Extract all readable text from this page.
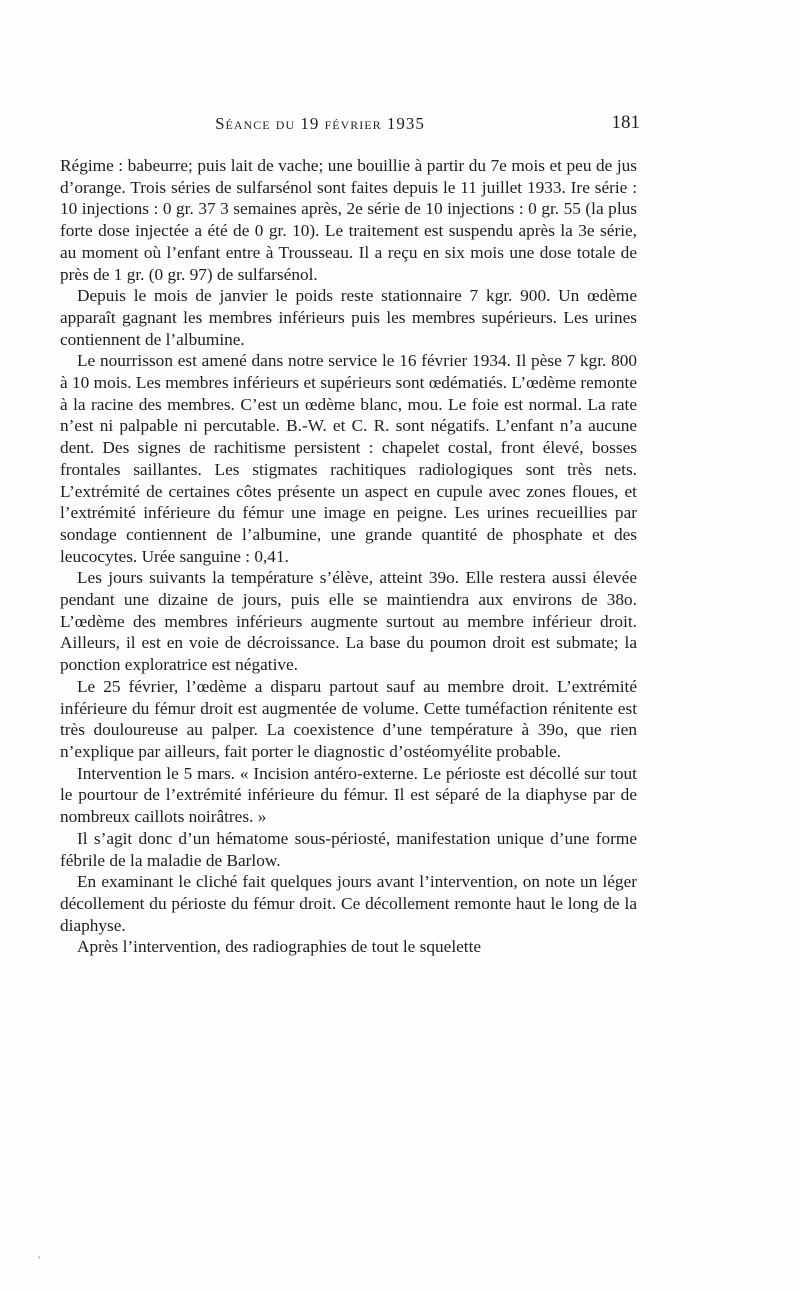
Séance du 19 février 1935	181

Régime : babeurre; puis lait de vache; une bouillie à partir du 7e mois et peu de jus d’orange. Trois séries de sulfarsénol sont faites depuis le 11 juillet 1933. Ire série : 10 injections : 0 gr. 37 3 semaines après, 2e série de 10 injections : 0 gr. 55 (la plus forte dose injectée a été de 0 gr. 10). Le traitement est suspendu après la 3e série, au moment où l’enfant entre à Trousseau. Il a reçu en six mois une dose totale de près de 1 gr. (0 gr. 97) de sulfarsénol.

Depuis le mois de janvier le poids reste stationnaire 7 kgr. 900. Un œdème apparaît gagnant les membres inférieurs puis les membres supérieurs. Les urines contiennent de l’albumine.

Le nourrisson est amené dans notre service le 16 février 1934. Il pèse 7 kgr. 800 à 10 mois. Les membres inférieurs et supérieurs sont œdématiés. L’œdème remonte à la racine des membres. C’est un œdème blanc, mou. Le foie est normal. La rate n’est ni palpable ni percutable. B.-W. et C. R. sont négatifs. L’enfant n’a aucune dent. Des signes de rachitisme persistent : chapelet costal, front élevé, bosses frontales saillantes. Les stigmates rachitiques radiologiques sont très nets. L’extrémité de certaines côtes présente un aspect en cupule avec zones floues, et l’extrémité inférieure du fémur une image en peigne. Les urines recueillies par sondage contiennent de l’albumine, une grande quantité de phosphate et des leucocytes. Urée sanguine : 0,41.

Les jours suivants la température s’élève, atteint 39o. Elle restera aussi élevée pendant une dizaine de jours, puis elle se maintiendra aux environs de 38o. L’œdème des membres inférieurs augmente surtout au membre inférieur droit. Ailleurs, il est en voie de décroissance. La base du poumon droit est submate; la ponction exploratrice est négative.

Le 25 février, l’œdème a disparu partout sauf au membre droit. L’extrémité inférieure du fémur droit est augmentée de volume. Cette tuméfaction rénitente est très douloureuse au palper. La coexistence d’une température à 39o, que rien n’explique par ailleurs, fait porter le diagnostic d’ostéomyélite probable.

Intervention le 5 mars. « Incision antéro-externe. Le périoste est décollé sur tout le pourtour de l’extrémité inférieure du fémur. Il est séparé de la diaphyse par de nombreux caillots noirâtres. »

Il s’agit donc d’un hématome sous-périosté, manifestation unique d’une forme fébrile de la maladie de Barlow.

En examinant le cliché fait quelques jours avant l’intervention, on note un léger décollement du périoste du fémur droit. Ce décollement remonte haut le long de la diaphyse.

Après l’intervention, des radiographies de tout le squelette
